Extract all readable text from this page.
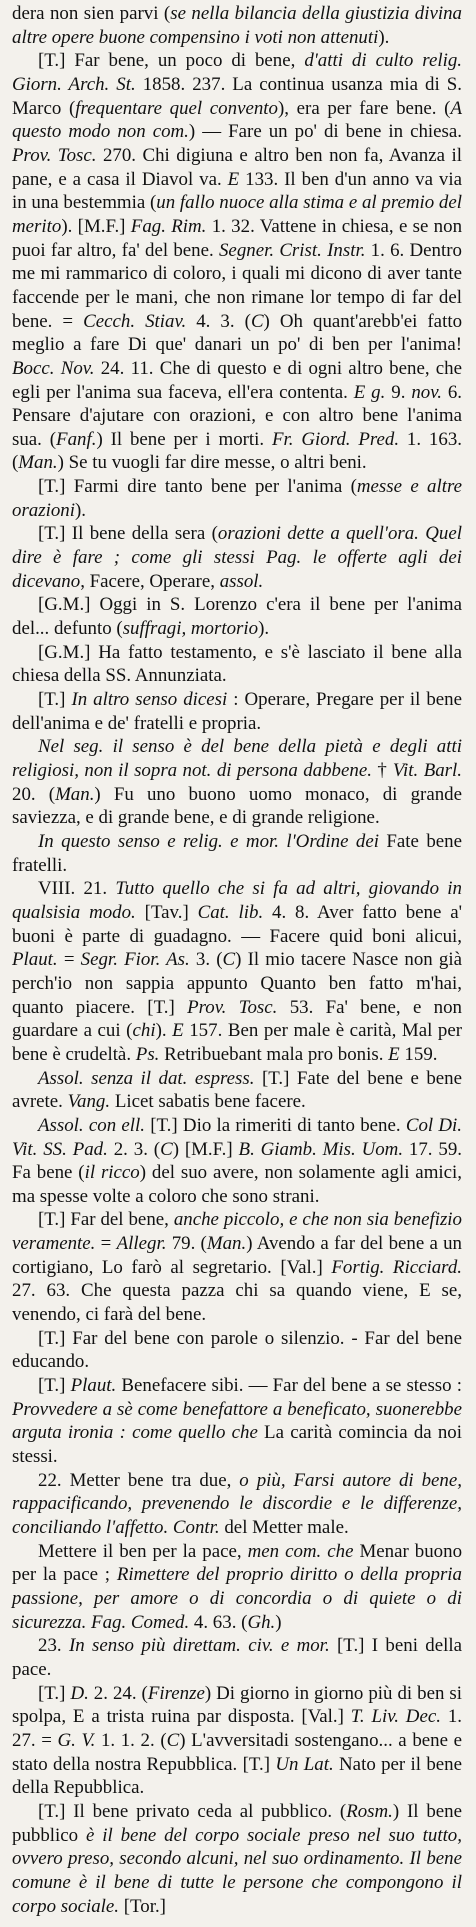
dera non sien parvi (se nella bilancia della giustizia divina altre opere buone compensino i voti non attenuti).

[T.] Far bene, un poco di bene, d'atti di culto relig. Giorn. Arch. St. 1858. 237. La continua usanza mia di S. Marco (frequentare quel convento), era per fare bene. (A questo modo non com.) — Fare un po' di bene in chiesa. Prov. Tosc. 270. Chi digiuna e altro ben non fa, Avanza il pane, e a casa il Diavol va. E 133. Il ben d'un anno va via in una bestemmia (un fallo nuoce alla stima e al premio del merito). [M.F.] Fag. Rim. 1. 32. Vattene in chiesa, e se non puoi far altro, fa' del bene. Segner. Crist. Instr. 1. 6. Dentro me mi rammarico di coloro, i quali mi dicono di aver tante faccende per le mani, che non rimane lor tempo di far del bene. = Cecch. Stiav. 4. 3. (C) Oh quant'arebb'ei fatto meglio a fare Di que' danari un po' di ben per l'anima! Bocc. Nov. 24. 11. Che di questo e di ogni altro bene, che egli per l'anima sua faceva, ell'era contenta. E g. 9. nov. 6. Pensare d'ajutare con orazioni, e con altro bene l'anima sua. (Fanf.) Il bene per i morti. Fr. Giord. Pred. 1. 163. (Man.) Se tu vuogli far dire messe, o altri beni.

[T.] Farmi dire tanto bene per l'anima (messe e altre orazioni).

[T.] Il bene della sera (orazioni dette a quell'ora. Quel dire è fare ; come gli stessi Pag. le offerte agli dei dicevano, Facere, Operare, assol.

[G.M.] Oggi in S. Lorenzo c'era il bene per l'anima del... defunto (suffragi, mortorio).

[G.M.] Ha fatto testamento, e s'è lasciato il bene alla chiesa della SS. Annunziata.

[T.] In altro senso dicesi : Operare, Pregare per il bene dell'anima e de' fratelli e propria.

Nel seg. il senso è del bene della pietà e degli atti religiosi, non il sopra not. di persona dabbene. † Vit. Barl. 20. (Man.) Fu uno buono uomo monaco, di grande saviezza, e di grande bene, e di grande religione.

In questo senso e relig. e mor. l'Ordine dei Fate bene fratelli.

VIII. 21. Tutto quello che si fa ad altri, giovando in qualsisia modo. [Tav.] Cat. lib. 4. 8. Aver fatto bene a' buoni è parte di guadagno. — Facere quid boni alicui, Plaut. = Segr. Fior. As. 3. (C) Il mio tacere Nasce non già perch'io non sappia appunto Quanto ben fatto m'hai, quanto piacere. [T.] Prov. Tosc. 53. Fa' bene, e non guardare a cui (chi). E 157. Ben per male è carità, Mal per bene è crudeltà. Ps. Retribuebant mala pro bonis. E 159.

Assol. senza il dat. espress. [T.] Fate del bene e bene avrete. Vang. Licet sabatis bene facere.

Assol. con ell. [T.] Dio la rimeriti di tanto bene. Col Di. Vit. SS. Pad. 2. 3. (C) [M.F.] B. Giamb. Mis. Uom. 17. 59. Fa bene (il ricco) del suo avere, non solamente agli amici, ma spesse volte a coloro che sono strani.

[T.] Far del bene, anche piccolo, e che non sia benefizio veramente. = Allegr. 79. (Man.) Avendo a far del bene a un cortigiano, Lo farò al segretario. [Val.] Fortig. Ricciard. 27. 63. Che questa pazza chi sa quando viene, E se, venendo, ci farà del bene.

[T.] Far del bene con parole o silenzio. - Far del bene educando.

[T.] Plaut. Benefacere sibi. — Far del bene a se stesso : Provvedere a sè come benefattore a beneficato, suonerebbe arguta ironia : come quello che La carità comincia da noi stessi.

22. Metter bene tra due, o più, Farsi autore di bene, rappacificando, prevenendo le discordie e le differenze, conciliando l'affetto. Contr. del Metter male.

Mettere il ben per la pace, men com. che Menar buono per la pace ; Rimettere del proprio diritto o della propria passione, per amore o di concordia o di quiete o di sicurezza. Fag. Comed. 4. 63. (Gh.)

23. In senso più direttam. civ. e mor. [T.] I beni della pace.

[T.] D. 2. 24. (Firenze) Di giorno in giorno più di ben si spolpa, E a trista ruina par disposta. [Val.] T. Liv. Dec. 1. 27. = G. V. 1. 1. 2. (C) L'avversitadi sostengano... a bene e stato della nostra Repubblica. [T.] Un Lat. Nato per il bene della Repubblica.

[T.] Il bene privato ceda al pubblico. (Rosm.) Il bene pubblico è il bene del corpo sociale preso nel suo tutto, ovvero preso, secondo alcuni, nel suo ordinamento. Il bene comune è il bene di tutte le persone che compongono il corpo sociale. [Tor.]
